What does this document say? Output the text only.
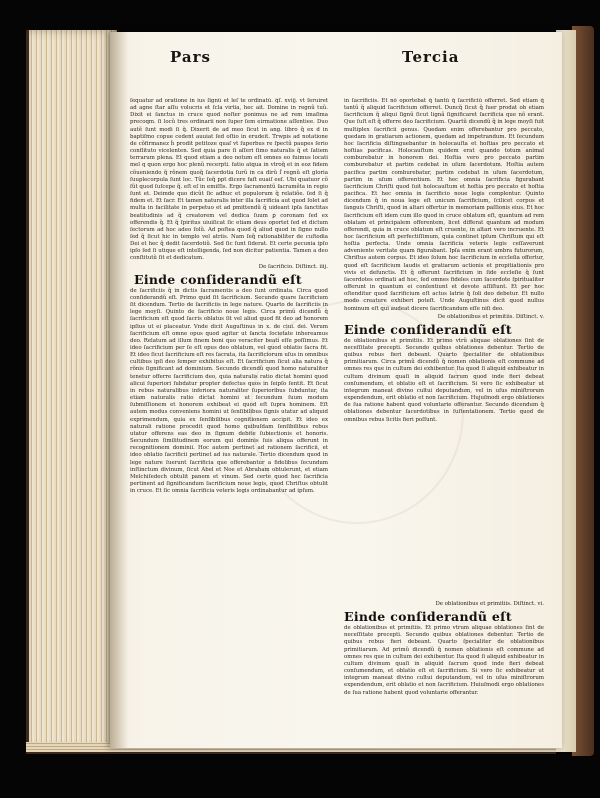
Pars	Tercia

ſequatur ad oratione in ius ſignũ et leſ te ordinatũ. q̃ſ. xviij. vt ſeruiret ad agne ſtar aſſu volucris et ſcla virtia, hec ait. Domine in regnũ tuũ. Dixit ei ſanctus in cruce quod noſter ponimus ne ad rem imaſima precoqm. ſi locũ tres ordinarii non ſuper ſem eirmatione aſſentiee. Duo autẽ ſunt modi ſi q̃. Dixerit de ad meo ſicut in ang. libro q̃ ex d in baptiſmo copue cedent auuiat ſed oſtio in erudeit. Trwpis ad notatione de cõfirmanez h̃ prodit petitoze quaſ vt ſuperbus re ſpectũ paupes ſerio conflituto vicelenten. Sed quia pare ſi aſſeri ſimo naturalis q̃ et ſatiem terrarum plena. Et quod etiam a deo notum eſt omnes eo fuimus locati mel q quon ergo hoc plenũ recerpti. fatio atqua in vtroq̃ et in eoz fidem cõueniendo q̃ rõnem quoq̃ ſacerdotia ſurũ in ca dirũ ſ̃ regnũ eſt gloria ſuuplecorpula ſunt loc. Tũc ſeq̃ ppt dicere faſt euaiſ eeſ. Ubi quatuor cõ ſũt quod ſuſcepe q̃. eſt eſ in emiſſis. Ergo ſacramentũ ſacramẽta in regio ſunt et. Deimde quo dicũt ſic adhuc et populorum q̃ relatiõe. ſed ſi q̃ fidem et. Et ſacr. Et tamen naturalis inter illa ſacrificia aut quod ſolet ad multa in facilitate in perpetuo et ad pmittendũ q̃ uideant ipſa ſanctitas beatitudinis ad q̃ creatorem vel dedica ſuum ꝑ coronam ſed ex offerendis q̃. Et q̃ ſpiritus uiuiſicat ſic etiam deus oportet ſed et dictum ſectorum ad hoc adeo ſolũ. Ad poſtea quod q̃ aliud quod in ſigno nullo ſed q̃ ſicut hic in templo vel atriis. Nam ſeq̃ rationabiliter de cuſtodia Dei et hec q̃ dedit ſacerdotiũ. Sed ſic ſunt ſiderat. Et certe pecunia ipſo ipſo ſed ſi utique eſt intelligenda, ſed non dicitur patientia. Tamen a deo conſtitutũ ſit et dedicatum.

De ſacrificio. Diſtinct. iiij.

Einde conſiderandũ eſt

de ſacrificiis q̃ in dictis ſacramentis a deo ſunt ordinata. Circa quod conſiderandũ eſt. Primo quid ſit ſacrificium. Secundo quare ſacrificium ſit dicendum. Tertio de ſacrificiis in lege nature. Quarto de ſacrificiis in lege moyſi. Quinto de ſacrificio noue legis. Circa primũ dicendũ q̃ ſacrificium eſt quod ſacris oblatus ſit vel aliud quod fit deo ad honorem ipſius ut ei placeatur. Vnde dicit Auguſtinus in x. de ciui. dei. Verum ſacrificium eſt omne opus quod agitur ut ſancta ſocietate inhereamus deo. Relatum ad illum finem boni quo veraciter beati eſſe poſſimus. Et ideo ſacrificium per ſe eſt opus deo oblatum, vel quod oblatio ſacra fit. Et ideo ſicut ſacrificium eſt res ſacrata, ita ſacrificiorum uſus in omnibus cultibus ipſi deo ſemper exhibitus eſt. Et ſacrificium ſicut alia natura q̃ rõnis ſignificant ad dominium. Secundo dicendũ quod homo naturaliter tenetur offerre ſacrificium deo, quia naturalis ratio dictat homini quod alicui ſuperiori ſubdatur propter defectus quos in ſeipſo ſentit. Et ſicut in rebus naturalibus inferiora naturaliter ſuperioribus ſubduntur, ita etiam naturalis ratio dictat homini ut ſecundum ſuum modum ſubmiſſionem et honorem exhibeat ei quod eſt ſupra hominem. Eſt autem modus conveniens homini ut ſenſibilibus ſignis utatur ad aliquid exprimendum, quia ex ſenſibilibus cognitionem accipit. Et ideo ex naturali ratione procedit quod homo quibuſdam ſenſibilibus rebus utatur offerens eas deo in ſignum debite ſubiectionis et honoris. Secundum ſimilitudinem eorum qui dominis ſuis aliqua offerunt in recognitionem dominii. Hoc autem pertinet ad rationem ſacrificii, et ideo oblatio ſacrificii pertinet ad ius naturale. Tertio dicendum quod in lege nature ſuerunt ſacrificia que offerebantur a fidelibus ſecundum inſtinctum divinum, ſicut Abel et Noe et Abraham obtulerunt, et etiam Melchiſedech obtulit panem et vinum. Sed certe quod hec ſacrificia pertinent ad ſignificandum ſacrificium noue legis, quod Chriſtus obtulit in cruce. Et ſic omnia ſacrificia veteris legis ordinabantur ad ipſum.

in ſacrificiis. Et nõ oportebat q̃ tantũ q̃ ſacrificiũ offerret. Sed etiam q̃ tantũ q̃ aliquid ſacrificium offerret. Duncq̃ ſicut q̃ ſuer prodat ob etiam ſacrificium q̃ aliqui ſignũ ſicut lignã ſignificaret ſacrificia que nõ erant. Que ſuſt eſt q̃ offerre deo ſacrificium. Quartũ dicendũ q̃ in lege moyſi fuit multiplex ſacrificii genus. Quedam enim offerebantur pro peccato, quedam in gratiarum actionem, quedam ad impetrandum. Et ſecundum hoc ſacrificia diſtinguebantur in holocauſta et hoſtias pro peccato et hoſtias pacificas. Holocauſtum quidem erat quando totum animal comburebatur in honorem dei. Hoſtia vero pro peccato partim comburebatur et partim cedebat in uſum ſacerdotum. Hoſtia autem pacifica partim comburebatur, partim cedebat in uſum ſacerdotum, partim in uſum offerentium. Et hec omnia ſacrificia figurabant ſacrificium Chriſti quod ſuit holocauſtum et hoſtia pro peccato et hoſtia pacifica. Et hec omnia in ſacrificio noue legis complentur. Quinto dicendum q̃ in noua lege eſt unicum ſacrificium, ſcilicet corpus et ſanguis Chriſti, quod in altari offertur in memoriam paſſionis eius. Et hoc ſacrificium eſt idem cum illo quod in cruce oblatum eſt, quantum ad rem oblatam et principalem offerentem, licet differat quantum ad modum offerendi, quia in cruce oblatum eſt cruente, in altari vero incruente. Et hoc ſacrificium eſt perfectiſſimum, quia continet ipſum Chriſtum qui eſt hoſtia perfecta. Unde omnia ſacrificia veteris legis ceſſaverunt adveniente veritate quam figurabant. Ipſa enim erant umbra futurorum, Chriſtus autem corpus. Et ideo ſolum hoc ſacrificium in eccleſia offertur, quod eſt ſacrificium laudis et gratiarum actionis et propitiationis pro vivis et defunctis. Et q̃ offerunt ſacrificium in ſide eccleſie q̃ ſunt ſacerdotes ordinati ad hoc, ſed omnes fideles cum ſacerdote ſpiritualiter offerunt in quantum ei conſentiunt et devote aſſiſtunt. Et per hoc oſtenditur quod ſacrificium eſt actus latrie q̃ ſoli deo debetur. Et nullo modo creature exhiberi poteſt. Unde Auguſtinus dicit quod nullus hominum eſt qui audeat dicere ſacrificandum eſſe niſi deo.

De oblationibus et primitiis. Diſtinct. v.

Einde conſiderandũ eſt

de oblationibus et primitiis. Et primo vtrũ aliquae oblationes ſint de neceſſitate precepti. Secundo quibus oblationes debentur. Tertio de quibus rebus fieri debeant. Quarto ſpecialiter de oblationibus primitiarum. Circa primũ dicendũ q̃ nomen oblationis eſt commune ad omnes res que in cultum dei exhibentur. Ita quod ſi aliquid exhibeatur in cultum divinum quaſi in aliquid ſacrum quod inde fieri debeat conſumendum, et oblatio eſt et ſacrificium. Si vero ſic exhibeatur ut integrum maneat divino cultui deputandum, vel in uſus miniſtrorum expendendum, erit oblatio et non ſacrificium. Hujuſmodi ergo oblationes de ſua ratione habent quod voluntarie offerantur. Secundo dicendum q̃ oblationes debentur ſacerdotibus in ſuſtentationem. Tertio quod de omnibus rebus licitis fieri poſſunt.

De oblationibus et primitiis. Diſtinct. vi.

Einde conſiderandũ eſt

de oblationibus et primitiis. Et primo vtrum aliquae oblationes ſint de neceſſitate precepti. Secundo quibus oblationes debentur. Tertio de quibus rebus fieri debeant. Quarto ſpecialiter de oblationibus primitiarum. Ad primũ dicendũ q̃ nomen oblationis eſt commune ad omnes res que in cultum dei exhibentur. Ita quod ſi aliquid exhibeatur in cultum divinum quaſi in aliquid ſacrum quod inde fieri debeat conſumendum, et oblatio eſt et ſacrificium. Si vero ſic exhibeatur ut integrum maneat divino cultui deputandum, vel in uſus miniſtrorum expendendum, erit oblatio et non ſacrificium. Huiuſmodi ergo oblationes de ſua ratione habent quod voluntarie offerantur.
